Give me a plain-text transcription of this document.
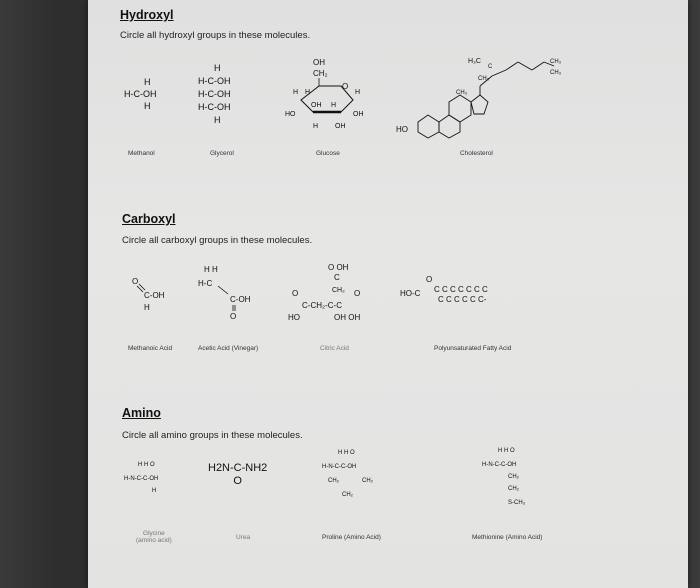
Hydroxyl
Circle all hydroxyl groups in these molecules.
H
H-C-OH
H
Methanol
H
H-C-OH
H-C-OH
H-C-OH
H
Glycerol
OH
CH₂
O
H H	H
OH H
HO	OH
H OH
Glucose
HO
CH₃
CH₃
H₃C
C
CH₃
CH₃
Cholesterol
Carboxyl
Circle all carboxyl groups in these molecules.
O
C-OH
H
Methanoic Acid
H H
H-C
C-OH
O
Acetic Acid (Vinegar)
O OH
C
CH₂ O
O
C-CH₂-C-C
HO	OH OH
Citric Acid
O
HO-C C C C C C C C
C C C C C C-
Polyunsaturated Fatty Acid
Amino
Circle all amino groups in these molecules.
H H O
H-N-C-C-OH
H
Glycine
(amino acid)
H2N-C-NH2
O
Urea
H H O
H-N-C-C-OH
CH₂	CH₂
CH₂
Proline (Amino Acid)
H H O
H-N-C-C-OH
CH₂
CH₂
S-CH₃
Methionine (Amino Acid)
